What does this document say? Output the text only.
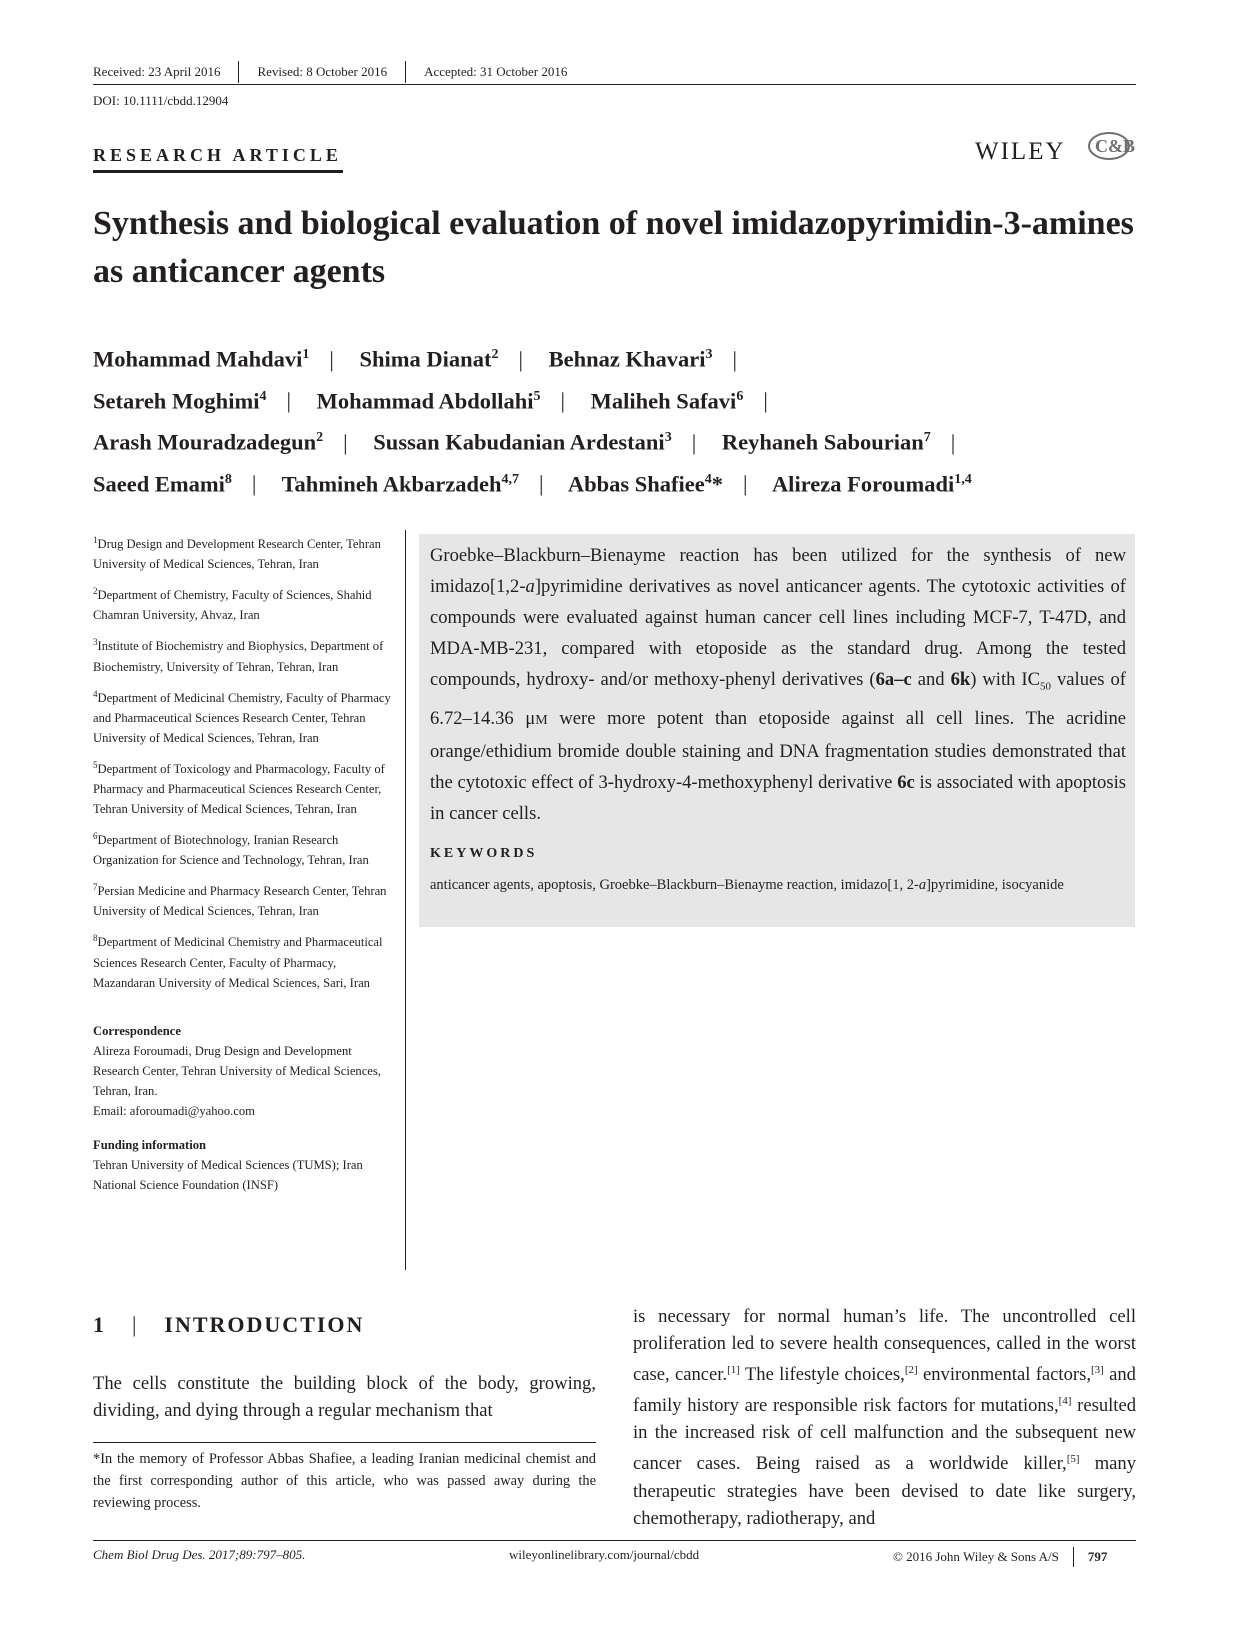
Received: 23 April 2016	Revised: 8 October 2016	Accepted: 31 October 2016
DOI: 10.1111/cbdd.12904
RESEARCH ARTICLE	WILEY C&B
Synthesis and biological evaluation of novel imidazopyrimidin-3-amines as anticancer agents
Mohammad Mahdavi$^1$ | Shima Dianat$^2$ | Behnaz Khavari$^3$ |
Setareh Moghimi$^4$ | Mohammad Abdollahi$^5$ | Maliheh Safavi$^6$ |
Arash Mouradzadegun$^2$ | Sussan Kabudanian Ardestani$^3$ | Reyhaneh Sabourian$^7$ |
Saeed Emami$^8$ | Tahmineh Akbarzadeh$^{4,7}$ | Abbas Shafiee$^4$* | Alireza Foroumadi$^{1,4}$
$^1$Drug Design and Development Research Center, Tehran University of Medical Sciences, Tehran, Iran
$^2$Department of Chemistry, Faculty of Sciences, Shahid Chamran University, Ahvaz, Iran
$^3$Institute of Biochemistry and Biophysics, Department of Biochemistry, University of Tehran, Tehran, Iran
$^4$Department of Medicinal Chemistry, Faculty of Pharmacy and Pharmaceutical Sciences Research Center, Tehran University of Medical Sciences, Tehran, Iran
$^5$Department of Toxicology and Pharmacology, Faculty of Pharmacy and Pharmaceutical Sciences Research Center, Tehran University of Medical Sciences, Tehran, Iran
$^6$Department of Biotechnology, Iranian Research Organization for Science and Technology, Tehran, Iran
$^7$Persian Medicine and Pharmacy Research Center, Tehran University of Medical Sciences, Tehran, Iran
$^8$Department of Medicinal Chemistry and Pharmaceutical Sciences Research Center, Faculty of Pharmacy, Mazandaran University of Medical Sciences, Sari, Iran
Correspondence
Alireza Foroumadi, Drug Design and Development Research Center, Tehran University of Medical Sciences, Tehran, Iran.
Email: aforoumadi@yahoo.com
Funding information
Tehran University of Medical Sciences (TUMS); Iran National Science Foundation (INSF)
Groebke–Blackburn–Bienayme reaction has been utilized for the synthesis of new imidazo[1,2-a]pyrimidine derivatives as novel anticancer agents. The cytotoxic activities of compounds were evaluated against human cancer cell lines including MCF-7, T-47D, and MDA-MB-231, compared with etoposide as the standard drug. Among the tested compounds, hydroxy- and/or methoxy-phenyl derivatives (6a–c and 6k) with $IC_{50}$ values of 6.72–14.36 μM were more potent than etoposide against all cell lines. The acridine orange/ethidium bromide double staining and DNA fragmentation studies demonstrated that the cytotoxic effect of 3-hydroxy-4-methoxyphenyl derivative 6c is associated with apoptosis in cancer cells.
KEYWORDS
anticancer agents, apoptosis, Groebke–Blackburn–Bienayme reaction, imidazo[1, 2-a]pyrimidine, isocyanide
1 | INTRODUCTION
The cells constitute the building block of the body, growing, dividing, and dying through a regular mechanism that
*In the memory of Professor Abbas Shafiee, a leading Iranian medicinal chemist and the first corresponding author of this article, who was passed away during the reviewing process.
is necessary for normal human’s life. The uncontrolled cell proliferation led to severe health consequences, called in the worst case, cancer.[1] The lifestyle choices,[2] environmental factors,[3] and family history are responsible risk factors for mutations,[4] resulted in the increased risk of cell malfunction and the subsequent new cancer cases. Being raised as a worldwide killer,[5] many therapeutic strategies have been devised to date like surgery, chemotherapy, radiotherapy, and
Chem Biol Drug Des. 2017;89:797–805.	wileyonlinelibrary.com/journal/cbdd	© 2016 John Wiley & Sons A/S 797
